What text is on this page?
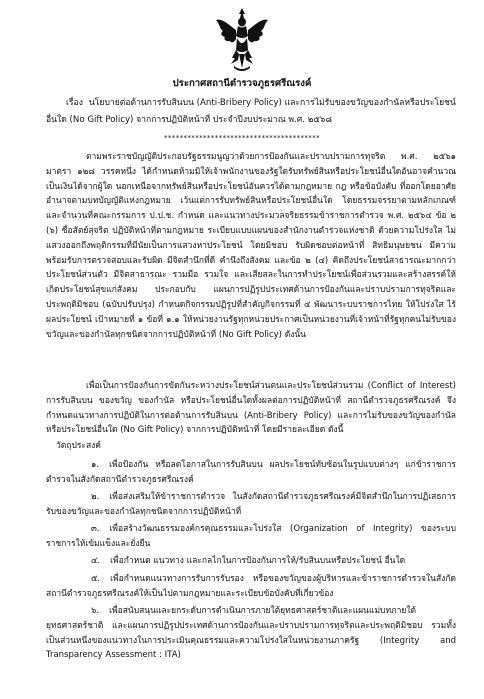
ประกาศสถานีตำรวจภูธรศรีณรงค์
เรื่อง นโยบายต่อต้านการรับสินบน (Anti-Bribery Policy) และการไม่รับของขวัญของกำนัลหรือประโยชน์อื่นใด (No Gift Policy) จากการปฏิบัติหน้าที่ ประจำปีงบประมาณ พ.ศ. ๒๕๖๘
****************************************

ตามพระราชบัญญัติประกอบรัฐธรรมนูญว่าด้วยการป้องกันและปราบปรามการทุจริต พ.ศ. ๒๕๖๑ มาตรา ๑๒๘ วรรคหนึ่ง ได้กำหนดห้ามมิให้เจ้าพนักงานของรัฐใดรับทรัพย์สินหรือประโยชน์อื่นใดอันอาจคำนวณเป็นเงินได้จากผู้ใด นอกเหนือจากทรัพย์สินหรือประโยชน์อันควรได้ตามกฎหมาย กฎ หรือข้อบังคับ ที่ออกโดยอาศัยอำนาจตามบทบัญญัติแห่งกฎหมาย เว้นแต่การรับทรัพย์สินหรือประโยชน์อื่นใด โดยธรรมจรรยาตามหลักเกณฑ์และจำนวนที่คณะกรรมการ ป.ป.ช. กำหนด และแนวทางประมวลจริยธรรมข้าราชการตำรวจ พ.ศ. ๒๕๖๔ ข้อ ๒ (๖) ซื่อสัตย์สุจริต ปฏิบัติหน้าที่ตามกฎหมาย ระเบียบแบบแผนของสำนักงานตำรวจแห่งชาติ ด้วยความโปร่งใส ไม่แสวงออกถึงพฤติกรรมที่มีนัยเป็นการแสวงหาประโยชน์ โดยมิชอบ รับผิดชอบต่อหน้าที่ สิทธิมนุษยชน มีความพร้อมรับการตรวจสอบและรับผิด มีจิตสำนึกที่ดี คำนึงถึงสังคม และข้อ ๒ (๔) คิดถึงประโยชน์สาธารณะมากกว่าประโยชน์ส่วนตัว มีจิตสาธารณะ รวมมือ รวมใจ และเสียสละในการทำประโยชน์เพื่อส่วนรวมและสร้างสรรค์ให้เกิดประโยชน์สุขแก่สังคม ประกอบกับ แผนการปฏิรูปประเทศด้านการป้องกันและปราบปรามการทุจริตและประพฤติมิชอบ (ฉบับปรับปรุง) กำหนดกิจกรรมปฏิรูปที่สำคัญกิจกรรมที่ ๔ พัฒนาระบบราชการไทย ให้โปร่งใส ไร้ผลประโยชน์ เป้าหมายที่ ๑ ข้อที่ ๑.๑ ให้หน่วยงานรัฐทุกหน่วยประกาศเป็นหน่วยงานที่เจ้าหน้าที่รัฐทุกคนไม่รับของขวัญและของกำนัลทุกชนิดจากการปฏิบัติหน้าที่ (No Gift Policy) ดังนั้น

เพื่อเป็นการป้องกันการขัดกันระหว่างประโยชน์ส่วนตนและประโยชน์ส่วนรวม (Conflict of Interest) การรับสินบน ของขวัญ ของกำนัล หรือประโยชน์อื่นใดทั้งผลต่อการปฏิบัติหน้าที่ สถานีตำรวจภูธรศรีณรงค์ จึงกำหนดแนวทางการปฏิบัติในการต่อต้านการรับสินบน (Anti-Bribery Policy) และการไม่รับของขวัญของกำนัลหรือประโยชน์อื่นใด (No Gift Policy) จากการปฏิบัติหน้าที่ โดยมีรายละเอียด ดังนี้

วัตถุประสงค์

๑. เพื่อป้องกัน หรือลดโอกาสในการรับสินบน ผลประโยชน์ทับซ้อนในรูปแบบต่างๆ แก่ข้าราชการตำรวจในสังกัดสถานีตำรวจภูธรศรีณรงค์

๒. เพื่อส่งเสริมให้ข้าราชการตำรวจ ในสังกัดสถานีตำรวจภูธรศรีณรงค์มีจิตสำนึกในการปฏิเสธการรับของขวัญและของกำนัลทุกชนิดจากการปฏิบัติหน้าที่

๓. เพื่อสร้างวัฒนธรรมองค์กรคุณธรรมและโปร่งใส (Organization of Integrity) ของระบบราชการให้เข้มแข็งและยั่งยืน

๔. เพื่อกำหนด แนวทาง และกลไกในการป้องกันการให้/รับสินบนหรือประโยชน์ อื่นใด

๕. เพื่อกำหนดแนวทางการรับการรับรอง หรือของขวัญของผู้บริหารและข้าราชการตำรวจในสังกัดสถานีตำรวจภูธรศรีณรงค์ให้เป็นไปตามกฎหมายและระเบียบข้อบังคับที่เกี่ยวข้อง

๖. เพื่อสนับสนุนและยกระดับการดำเนินการภายใต้ยุทธศาสตร์ชาติและแผนแม่บทภายใต้ยุทธศาสตร์ชาติ และแผนการปฏิรูปประเทศด้านการป้องกันและปราบปรามการทุจริตและประพฤติมิชอบ รวมทั้งเป็นส่วนหนึ่งของแนวทางในการประเมินคุณธรรมและความโปร่งใสในหน่วยงานภาครัฐ (Integrity and Transparency Assessment : ITA)
